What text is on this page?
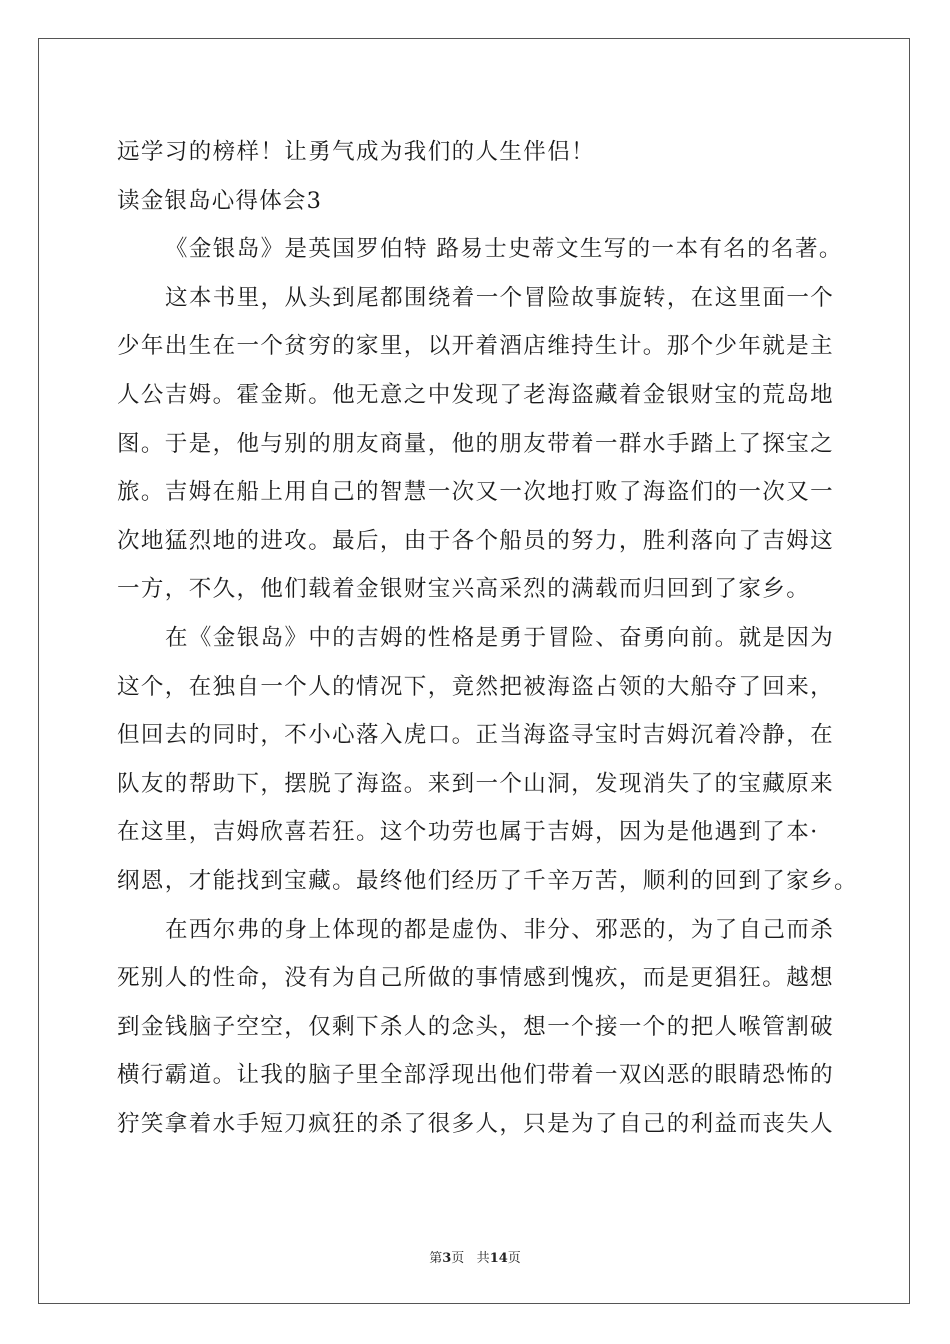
远学习的榜样！让勇气成为我们的人生伴侣！
读金银岛心得体会3
《金银岛》是英国罗伯特 路易士史蒂文生写的一本有名的名著。
这本书里，从头到尾都围绕着一个冒险故事旋转，在这里面一个
少年出生在一个贫穷的家里，以开着酒店维持生计。那个少年就是主
人公吉姆。霍金斯。他无意之中发现了老海盗藏着金银财宝的荒岛地
图。于是，他与别的朋友商量，他的朋友带着一群水手踏上了探宝之
旅。吉姆在船上用自己的智慧一次又一次地打败了海盗们的一次又一
次地猛烈地的进攻。最后，由于各个船员的努力，胜利落向了吉姆这
一方，不久，他们载着金银财宝兴高采烈的满载而归回到了家乡。
在《金银岛》中的吉姆的性格是勇于冒险、奋勇向前。就是因为
这个，在独自一个人的情况下，竟然把被海盗占领的大船夺了回来，
但回去的同时，不小心落入虎口。正当海盗寻宝时吉姆沉着冷静，在
队友的帮助下，摆脱了海盗。来到一个山洞，发现消失了的宝藏原来
在这里，吉姆欣喜若狂。这个功劳也属于吉姆，因为是他遇到了本·
纲恩，才能找到宝藏。最终他们经历了千辛万苦，顺利的回到了家乡。
在西尔弗的身上体现的都是虚伪、非分、邪恶的，为了自己而杀
死别人的性命，没有为自己所做的事情感到愧疚，而是更猖狂。越想
到金钱脑子空空，仅剩下杀人的念头，想一个接一个的把人喉管割破
横行霸道。让我的脑子里全部浮现出他们带着一双凶恶的眼睛恐怖的
狞笑拿着水手短刀疯狂的杀了很多人，只是为了自己的利益而丧失人
第3页 共14页
